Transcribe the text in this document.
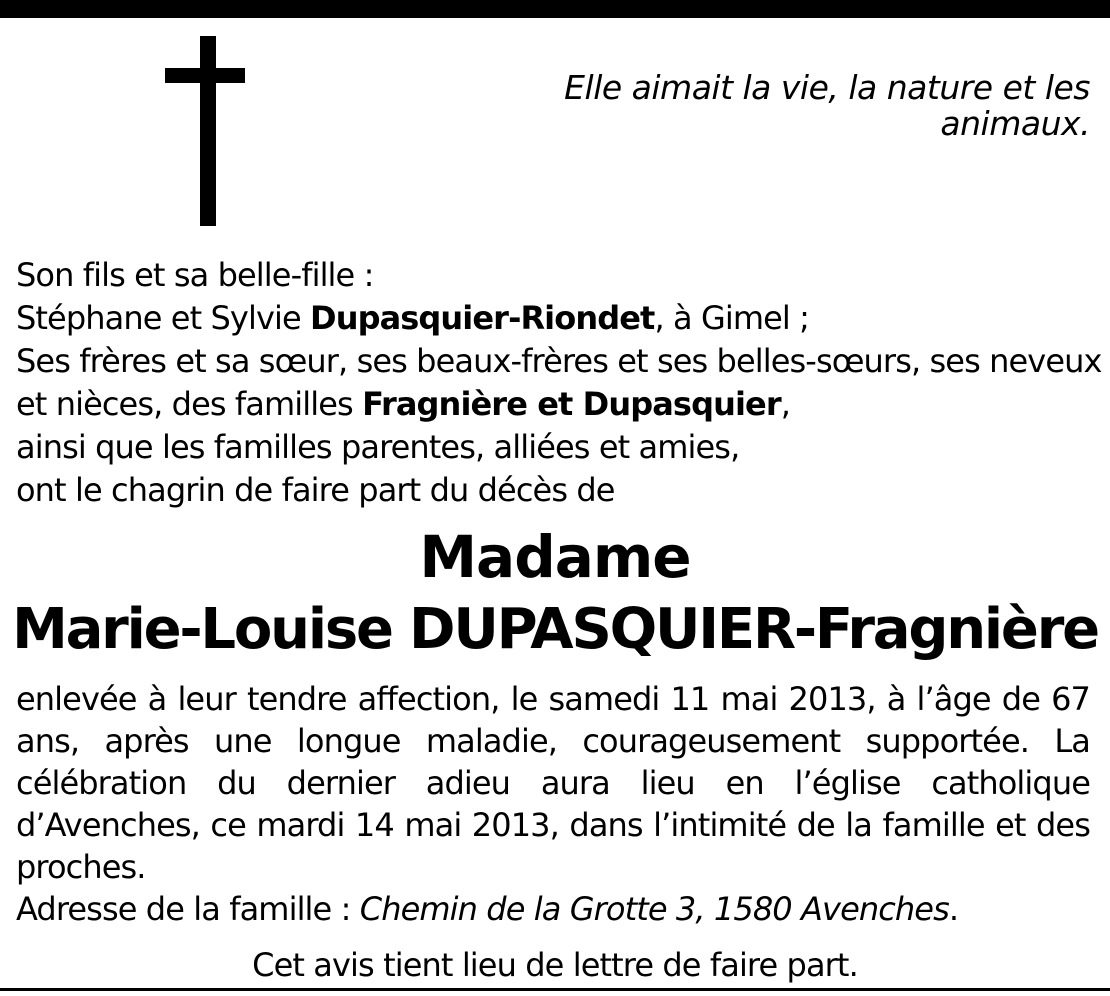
Elle aimait la vie, la nature et les animaux.
Son fils et sa belle-fille :
Stéphane et Sylvie Dupasquier-Riondet, à Gimel ;
Ses frères et sa sœur, ses beaux-frères et ses belles-sœurs, ses neveux
et nièces, des familles Fragnière et Dupasquier,
ainsi que les familles parentes, alliées et amies,
ont le chagrin de faire part du décès de
Madame
Marie-Louise DUPASQUIER-Fragnière
enlevée à leur tendre affection, le samedi 11 mai 2013, à l’âge de 67 ans, après une longue maladie, courageusement supportée. La célébration du dernier adieu aura lieu en l’église catholique d’Avenches, ce mardi 14 mai 2013, dans l’intimité de la famille et des proches.
Adresse de la famille : Chemin de la Grotte 3, 1580 Avenches.
Cet avis tient lieu de lettre de faire part.
